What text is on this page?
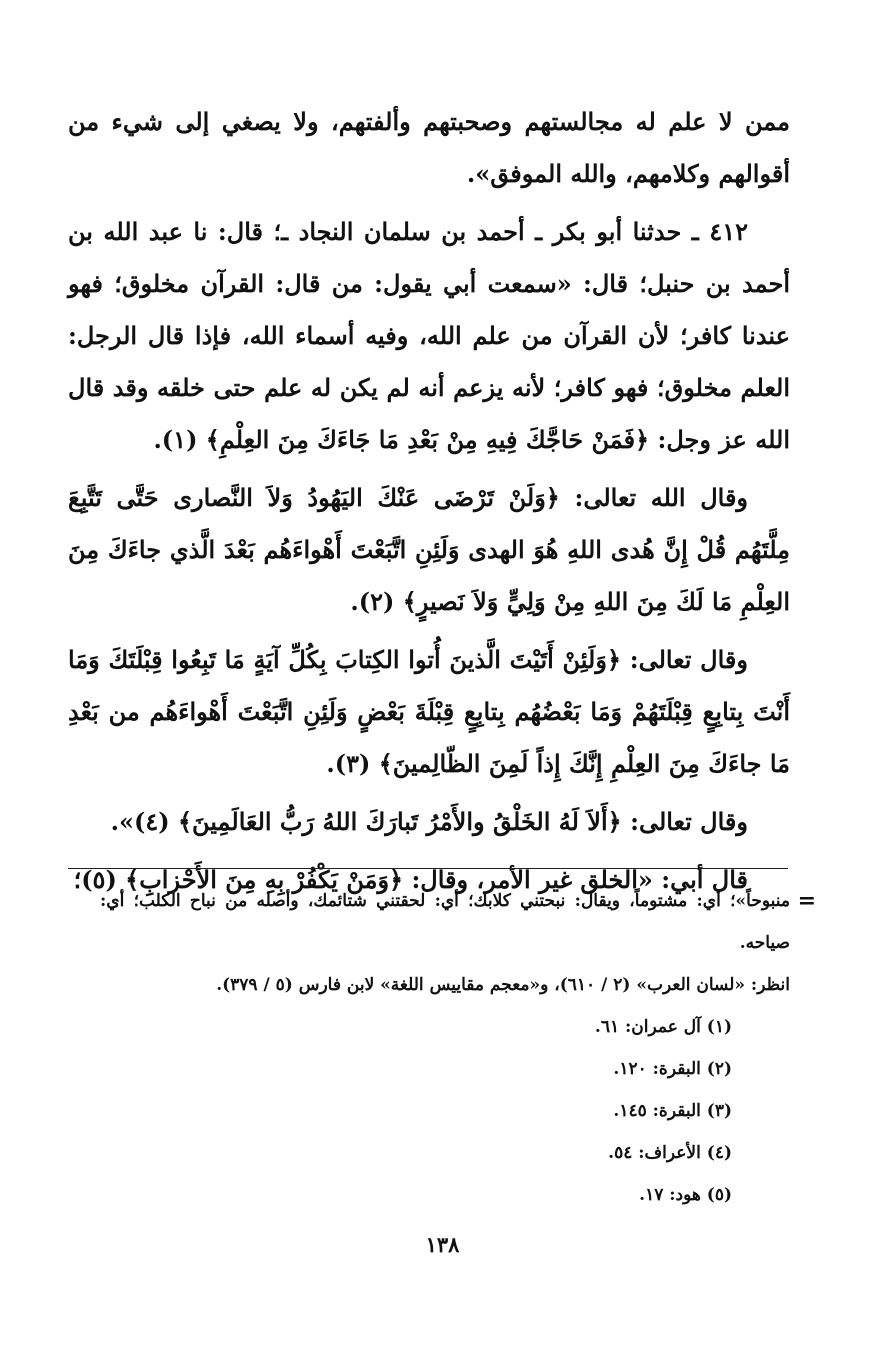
ممن لا علم له مجالستهم وصحبتهم وألفتهم، ولا يصغي إلى شيء من أقوالهم وكلامهم، والله الموفق».

٤١٢ ـ حدثنا أبو بكر ـ أحمد بن سلمان النجاد ـ؛ قال: نا عبد الله بن أحمد بن حنبل؛ قال: «سمعت أبي يقول: من قال: القرآن مخلوق؛ فهو عندنا كافر؛ لأن القرآن من علم الله، وفيه أسماء الله، فإذا قال الرجل: العلم مخلوق؛ فهو كافر؛ لأنه يزعم أنه لم يكن له علم حتى خلقه وقد قال الله عز وجل: ﴿فَمَنْ حَاجَّكَ فِيهِ مِنْ بَعْدِ مَا جَاءَكَ مِنَ العِلْمِ﴾ (١).

وقال الله تعالى: ﴿وَلَنْ تَرْضَى عَنْكَ اليَهُودُ وَلاَ النَّصارى حَتَّى تَتَّبِعَ مِلَّتَهُم قُلْ إِنَّ هُدى اللهِ هُوَ الهدى وَلَئِنِ اتَّبَعْتَ أَهْواءَهُم بَعْدَ الَّذي جاءَكَ مِنَ العِلْمِ مَا لَكَ مِنَ اللهِ مِنْ وَلِيٍّ وَلاَ نَصيرٍ﴾ (٢).

وقال تعالى: ﴿وَلَئِنْ أَتَيْتَ الَّذينَ أُتوا الكِتابَ بِكُلِّ آيَةٍ مَا تَبِعُوا قِبْلَتَكَ وَمَا أَنْتَ بِتابِعٍ قِبْلَتَهُمْ وَمَا بَعْضُهُم بِتابِعٍ قِبْلَةَ بَعْضٍ وَلَئِنِ اتَّبَعْتَ أَهْواءَهُم من بَعْدِ مَا جاءَكَ مِنَ العِلْمِ إِنَّكَ إِذاً لَمِنَ الظّالِمينَ﴾ (٣).

وقال تعالى: ﴿أَلاَ لَهُ الخَلْقُ والأَمْرُ تَبارَكَ اللهُ رَبُّ العَالَمِينَ﴾ (٤)».

قال أبي: «الخلق غير الأمر، وقال: ﴿وَمَنْ يَكْفُرْ بِهِ مِنَ الأَحْزابِ﴾ (٥)؛

=
منبوحاً»؛ أي: مشتوماً، ويقال: نبحتني كلابك؛ أي: لحقتني شتائمك، وأصله من نباح الكلب؛ أي: صياحه.

انظر: «لسان العرب» (٢ / ٦١٠)، و«معجم مقاييس اللغة» لابن فارس (٥ / ٣٧٩).

(١) آل عمران: ٦١.

(٢) البقرة: ١٢٠.

(٣) البقرة: ١٤٥.

(٤) الأعراف: ٥٤.

(٥) هود: ١٧.

١٣٨
